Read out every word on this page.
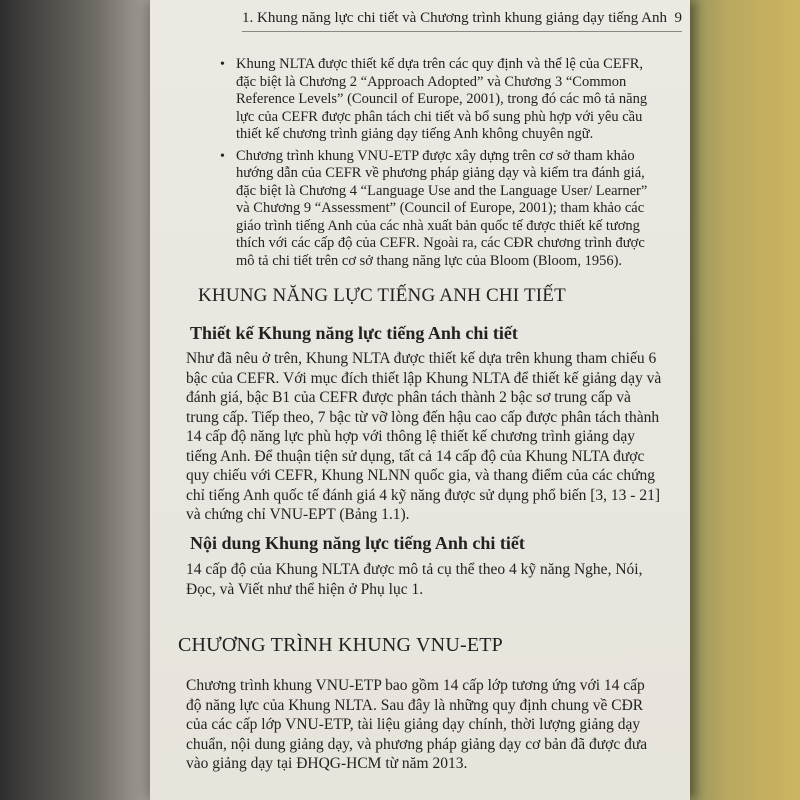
1. Khung năng lực chi tiết và Chương trình khung giảng dạy tiếng Anh 9
• Khung NLTA được thiết kế dựa trên các quy định và thể lệ của CEFR, đặc biệt là Chương 2 “Approach Adopted” và Chương 3 “Common Reference Levels” (Council of Europe, 2001), trong đó các mô tả năng lực của CEFR được phân tách chi tiết và bổ sung phù hợp với yêu cầu thiết kế chương trình giảng dạy tiếng Anh không chuyên ngữ.
• Chương trình khung VNU-ETP được xây dựng trên cơ sở tham khảo hướng dẫn của CEFR về phương pháp giảng dạy và kiểm tra đánh giá, đặc biệt là Chương 4 “Language Use and the Language User/ Learner” và Chương 9 “Assessment” (Council of Europe, 2001); tham khảo các giáo trình tiếng Anh của các nhà xuất bản quốc tế được thiết kế tương thích với các cấp độ của CEFR. Ngoài ra, các CĐR chương trình được mô tả chi tiết trên cơ sở thang năng lực của Bloom (Bloom, 1956).
KHUNG NĂNG LỰC TIẾNG ANH CHI TIẾT
Thiết kế Khung năng lực tiếng Anh chi tiết

Như đã nêu ở trên, Khung NLTA được thiết kế dựa trên khung tham chiếu 6 bậc của CEFR. Với mục đích thiết lập Khung NLTA để thiết kế giảng dạy và đánh giá, bậc B1 của CEFR được phân tách thành 2 bậc sơ trung cấp và trung cấp. Tiếp theo, 7 bậc từ vỡ lòng đến hậu cao cấp được phân tách thành 14 cấp độ năng lực phù hợp với thông lệ thiết kế chương trình giảng dạy tiếng Anh. Để thuận tiện sử dụng, tất cả 14 cấp độ của Khung NLTA được quy chiếu với CEFR, Khung NLNN quốc gia, và thang điểm của các chứng chỉ tiếng Anh quốc tế đánh giá 4 kỹ năng được sử dụng phổ biến [3, 13 - 21] và chứng chỉ VNU-EPT (Bảng 1.1).

Nội dung Khung năng lực tiếng Anh chi tiết

14 cấp độ của Khung NLTA được mô tả cụ thể theo 4 kỹ năng Nghe, Nói, Đọc, và Viết như thể hiện ở Phụ lục 1.

CHƯƠNG TRÌNH KHUNG VNU-ETP

Chương trình khung VNU-ETP bao gồm 14 cấp lớp tương ứng với 14 cấp độ năng lực của Khung NLTA. Sau đây là những quy định chung về CĐR của các cấp lớp VNU-ETP, tài liệu giảng dạy chính, thời lượng giảng dạy chuẩn, nội dung giảng dạy, và phương pháp giảng dạy cơ bản đã được đưa vào giảng dạy tại ĐHQG-HCM từ năm 2013.
